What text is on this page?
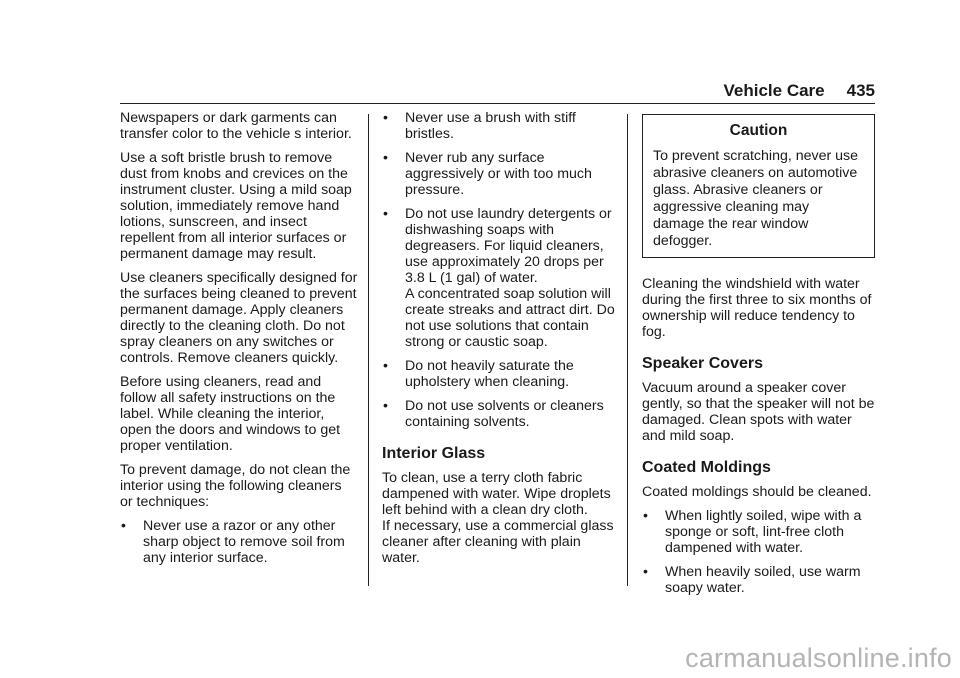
Vehicle Care 435

Newspapers or dark garments can transfer color to the vehicle s interior.

Use a soft bristle brush to remove dust from knobs and crevices on the instrument cluster. Using a mild soap solution, immediately remove hand lotions, sunscreen, and insect repellent from all interior surfaces or permanent damage may result.

Use cleaners specifically designed for the surfaces being cleaned to prevent permanent damage. Apply cleaners directly to the cleaning cloth. Do not spray cleaners on any switches or controls. Remove cleaners quickly.

Before using cleaners, read and follow all safety instructions on the label. While cleaning the interior, open the doors and windows to get proper ventilation.

To prevent damage, do not clean the interior using the following cleaners or techniques:

• Never use a razor or any other sharp object to remove soil from any interior surface.
• Never use a brush with stiff bristles.
• Never rub any surface aggressively or with too much pressure.
• Do not use laundry detergents or dishwashing soaps with degreasers. For liquid cleaners, use approximately 20 drops per 3.8 L (1 gal) of water.
A concentrated soap solution will create streaks and attract dirt. Do not use solutions that contain strong or caustic soap.
• Do not heavily saturate the upholstery when cleaning.
• Do not use solvents or cleaners containing solvents.
Interior Glass

To clean, use a terry cloth fabric dampened with water. Wipe droplets left behind with a clean dry cloth.
If necessary, use a commercial glass cleaner after cleaning with plain water.

Caution
To prevent scratching, never use abrasive cleaners on automotive glass. Abrasive cleaners or aggressive cleaning may damage the rear window defogger.

Cleaning the windshield with water during the first three to six months of ownership will reduce tendency to fog.

Speaker Covers

Vacuum around a speaker cover gently, so that the speaker will not be damaged. Clean spots with water and mild soap.

Coated Moldings

Coated moldings should be cleaned.

• When lightly soiled, wipe with a sponge or soft, lint-free cloth dampened with water.
• When heavily soiled, use warm soapy water.
carmanualsonline.info
